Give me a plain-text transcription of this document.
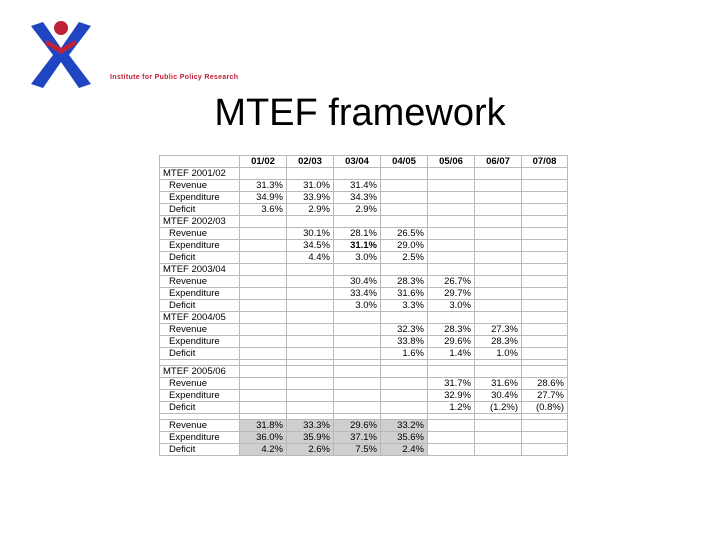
Institute for Public Policy Research
MTEF framework
	01/02	02/03	03/04	04/05	05/06	06/07	07/08
MTEF 2001/02							
Revenue	31.3%	31.0%	31.4%				
Expenditure	34.9%	33.9%	34.3%				
Deficit	3.6%	2.9%	2.9%				
MTEF 2002/03							
Revenue		30.1%	28.1%	26.5%			
Expenditure		34.5%	31.1%	29.0%			
Deficit		4.4%	3.0%	2.5%			
MTEF 2003/04							
Revenue			30.4%	28.3%	26.7%		
Expenditure			33.4%	31.6%	29.7%		
Deficit			3.0%	3.3%	3.0%		
MTEF 2004/05							
Revenue				32.3%	28.3%	27.3%	
Expenditure				33.8%	29.6%	28.3%	
Deficit				1.6%	1.4%	1.0%	

MTEF 2005/06							
Revenue					31.7%	31.6%	28.6%
Expenditure					32.9%	30.4%	27.7%
Deficit					1.2%	(1.2%)	(0.8%)

Revenue	31.8%	33.3%	29.6%	33.2%			
Expenditure	36.0%	35.9%	37.1%	35.6%			
Deficit	4.2%	2.6%	7.5%	2.4%			
